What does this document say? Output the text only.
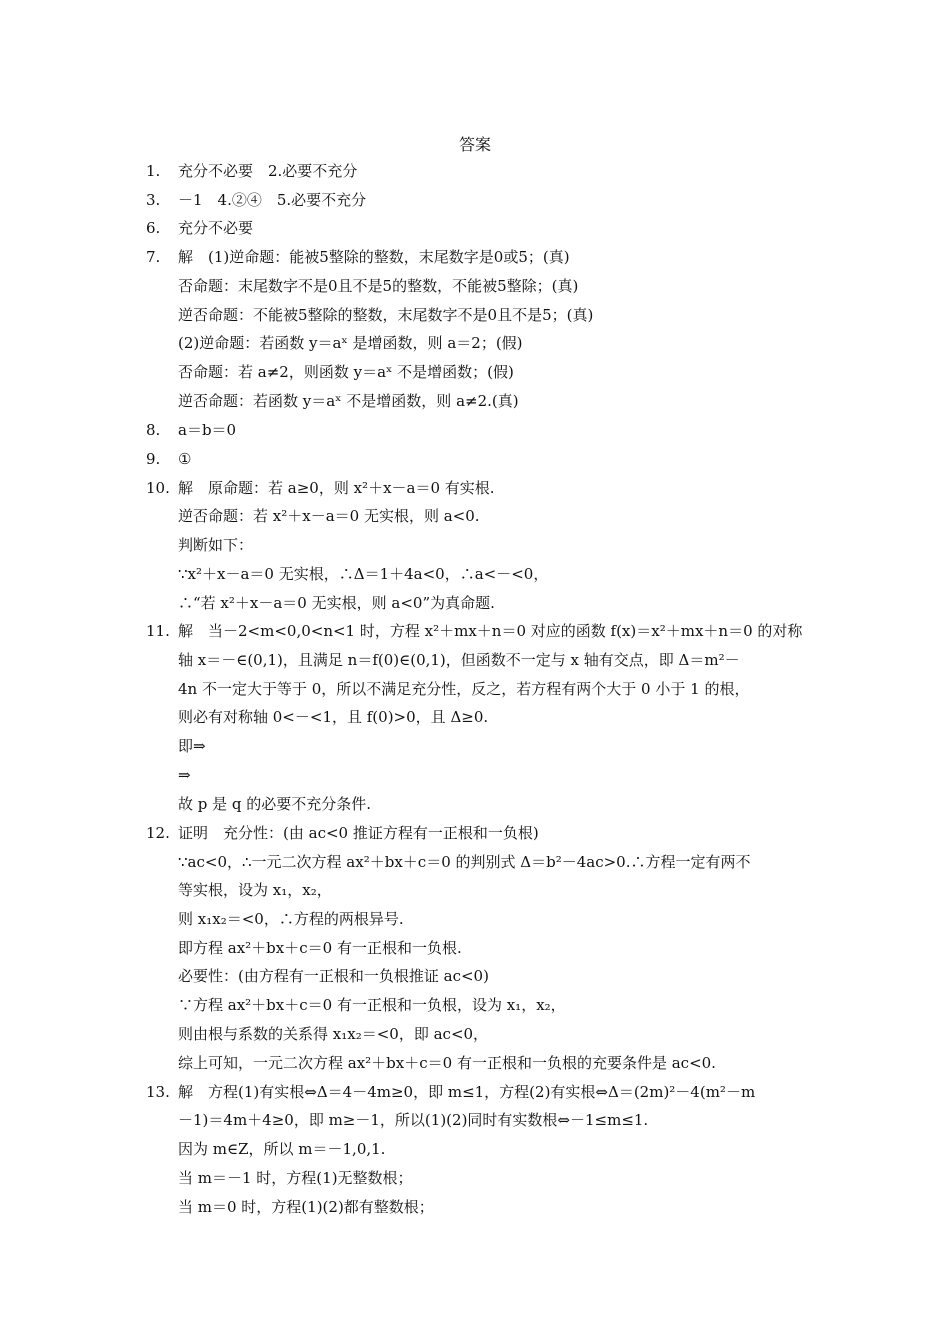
答案
1.	充分不必要　2.必要不充分
3.	－1　4.②④　5.必要不充分
6.	充分不必要
7.	解　(1)逆命题：能被5整除的整数，末尾数字是0或5；(真)
否命题：末尾数字不是0且不是5的整数，不能被5整除；(真)
逆否命题：不能被5整除的整数，末尾数字不是0且不是5；(真)
(2)逆命题：若函数 y＝aˣ 是增函数，则 a＝2；(假)
否命题：若 a≠2，则函数 y＝aˣ 不是增函数；(假)
逆否命题：若函数 y＝aˣ 不是增函数，则 a≠2.(真)
8.	a＝b＝0
9.	①
10. 解　原命题：若 a≥0，则 x²＋x－a＝0 有实根.
逆否命题：若 x²＋x－a＝0 无实根，则 a<0.
判断如下：
∵x²＋x－a＝0 无实根，∴Δ＝1＋4a<0，∴a<－<0，
∴“若 x²＋x－a＝0 无实根，则 a<0”为真命题.
11. 解　当－2<m<0,0<n<1 时，方程 x²＋mx＋n＝0 对应的函数 f(x)＝x²＋mx＋n＝0 的对称
轴 x＝－∈(0,1)，且满足 n＝f(0)∈(0,1)，但函数不一定与 x 轴有交点，即 Δ＝m²－
4n 不一定大于等于 0，所以不满足充分性，反之，若方程有两个大于 0 小于 1 的根，
则必有对称轴 0<－<1，且 f(0)>0，且 Δ≥0.
即⇒
⇒
故 p 是 q 的必要不充分条件.
12. 证明　充分性：(由 ac<0 推证方程有一正根和一负根)
∵ac<0，∴一元二次方程 ax²＋bx＋c＝0 的判别式 Δ＝b²－4ac>0.∴方程一定有两不
等实根，设为 x₁，x₂，
则 x₁x₂＝<0，∴方程的两根异号.
即方程 ax²＋bx＋c＝0 有一正根和一负根.
必要性：(由方程有一正根和一负根推证 ac<0)
∵方程 ax²＋bx＋c＝0 有一正根和一负根，设为 x₁，x₂，
则由根与系数的关系得 x₁x₂＝<0，即 ac<0，
综上可知，一元二次方程 ax²＋bx＋c＝0 有一正根和一负根的充要条件是 ac<0.
13. 解　方程(1)有实根⇔Δ＝4－4m≥0，即 m≤1，方程(2)有实根⇔Δ＝(2m)²－4(m²－m
－1)＝4m＋4≥0，即 m≥－1，所以(1)(2)同时有实数根⇔－1≤m≤1.
因为 m∈Z，所以 m＝－1,0,1.
当 m＝－1 时，方程(1)无整数根；
当 m＝0 时，方程(1)(2)都有整数根；
